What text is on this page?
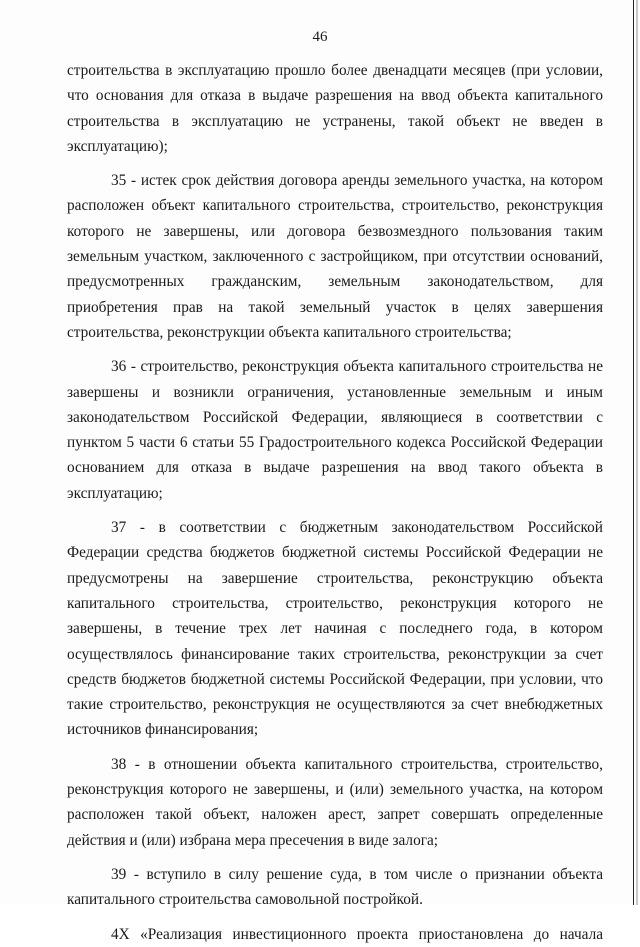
46

строительства в эксплуатацию прошло более двенадцати месяцев (при условии, что основания для отказа в выдаче разрешения на ввод объекта капитального строительства в эксплуатацию не устранены, такой объект не введен в эксплуатацию);

35 - истек срок действия договора аренды земельного участка, на котором расположен объект капитального строительства, строительство, реконструкция которого не завершены, или договора безвозмездного пользования таким земельным участком, заключенного с застройщиком, при отсутствии оснований, предусмотренных гражданским, земельным законодательством, для приобретения прав на такой земельный участок в целях завершения строительства, реконструкции объекта капитального строительства;

36 - строительство, реконструкция объекта капитального строительства не завершены и возникли ограничения, установленные земельным и иным законодательством Российской Федерации, являющиеся в соответствии с пунктом 5 части 6 статьи 55 Градостроительного кодекса Российской Федерации основанием для отказа в выдаче разрешения на ввод такого объекта в эксплуатацию;

37 - в соответствии с бюджетным законодательством Российской Федерации средства бюджетов бюджетной системы Российской Федерации не предусмотрены на завершение строительства, реконструкцию объекта капитального строительства, строительство, реконструкция которого не завершены, в течение трех лет начиная с последнего года, в котором осуществлялось финансирование таких строительства, реконструкции за счет средств бюджетов бюджетной системы Российской Федерации, при условии, что такие строительство, реконструкция не осуществляются за счет внебюджетных источников финансирования;

38 - в отношении объекта капитального строительства, строительство, реконструкция которого не завершены, и (или) земельного участка, на котором расположен такой объект, наложен арест, запрет совершать определенные действия и (или) избрана мера пресечения в виде залога;

39 - вступило в силу решение суда, в том числе о признании объекта капитального строительства самовольной постройкой.

4X «Реализация инвестиционного проекта приостановлена до начала
